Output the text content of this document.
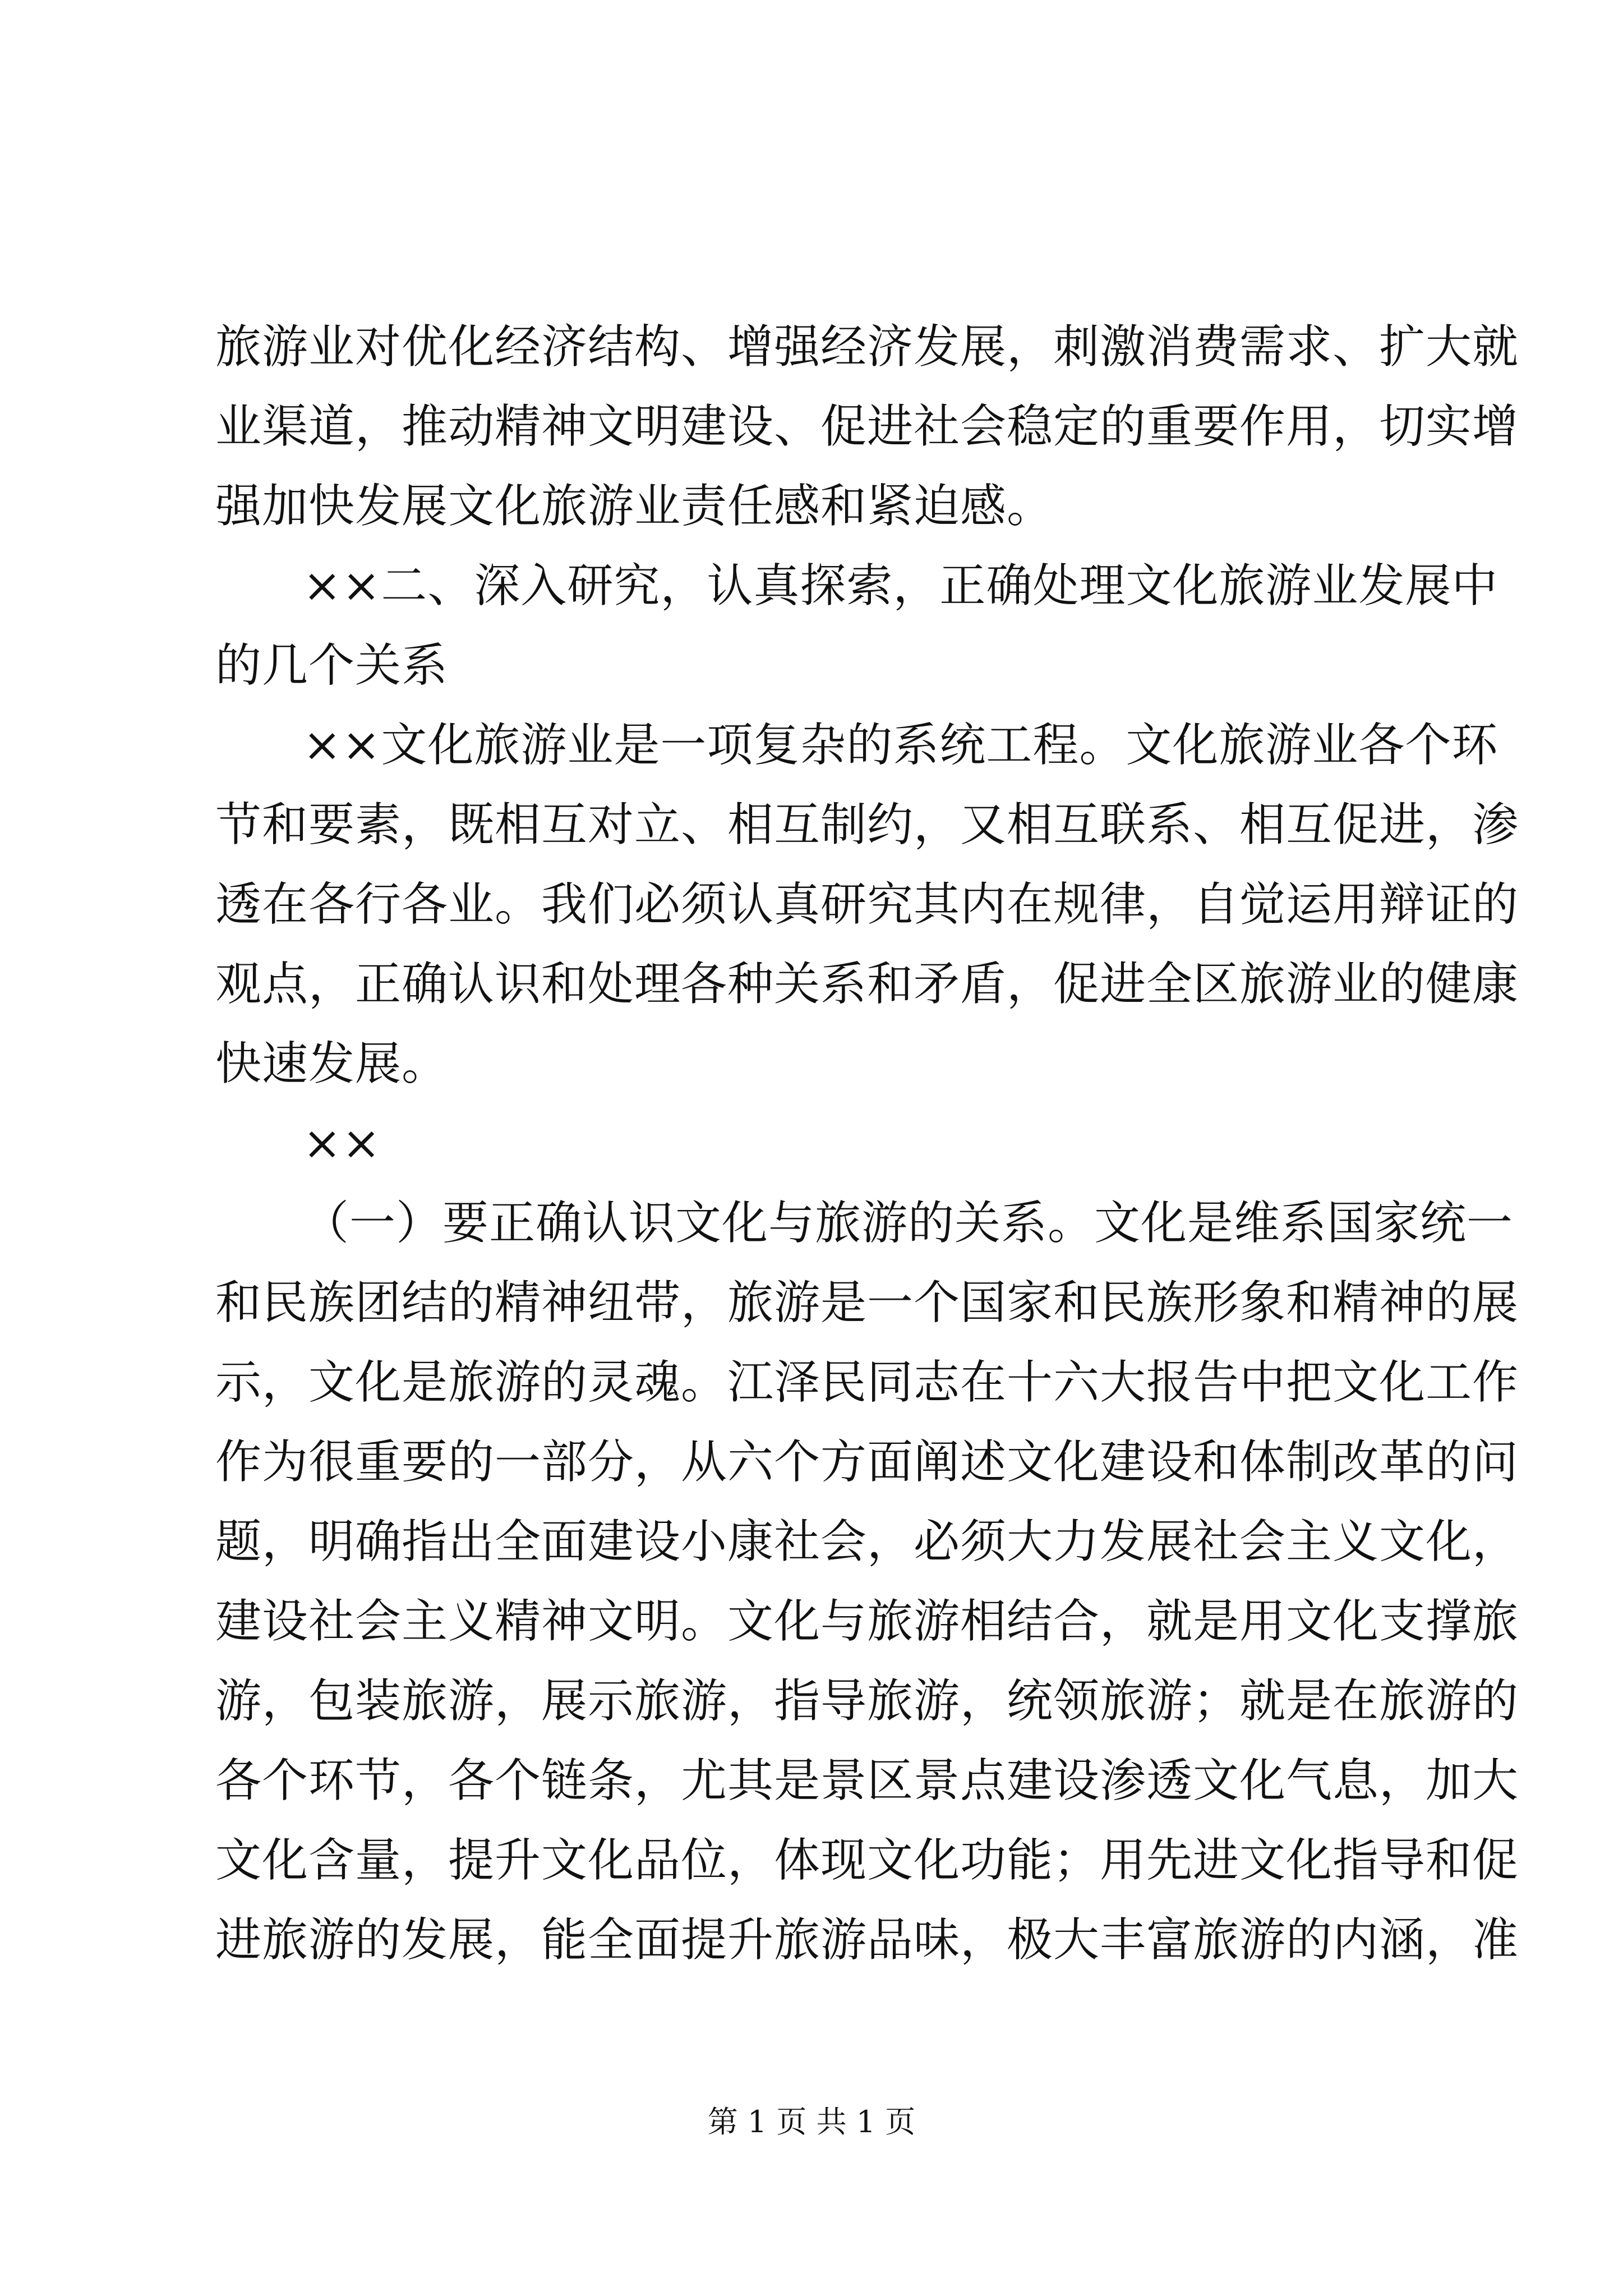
旅游业对优化经济结构、增强经济发展，刺激消费需求、扩大就
业渠道，推动精神文明建设、促进社会稳定的重要作用，切实增
强加快发展文化旅游业责任感和紧迫感。
××二、深入研究，认真探索，正确处理文化旅游业发展中
的几个关系
××文化旅游业是一项复杂的系统工程。文化旅游业各个环
节和要素，既相互对立、相互制约，又相互联系、相互促进，渗
透在各行各业。我们必须认真研究其内在规律，自觉运用辩证的
观点，正确认识和处理各种关系和矛盾，促进全区旅游业的健康
快速发展。
××
（一）要正确认识文化与旅游的关系。文化是维系国家统一
和民族团结的精神纽带，旅游是一个国家和民族形象和精神的展
示，文化是旅游的灵魂。江泽民同志在十六大报告中把文化工作
作为很重要的一部分，从六个方面阐述文化建设和体制改革的问
题，明确指出全面建设小康社会，必须大力发展社会主义文化，
建设社会主义精神文明。文化与旅游相结合，就是用文化支撑旅
游，包装旅游，展示旅游，指导旅游，统领旅游；就是在旅游的
各个环节，各个链条，尤其是景区景点建设渗透文化气息，加大
文化含量，提升文化品位，体现文化功能；用先进文化指导和促
进旅游的发展，能全面提升旅游品味，极大丰富旅游的内涵，准
第 1 页 共 1 页
